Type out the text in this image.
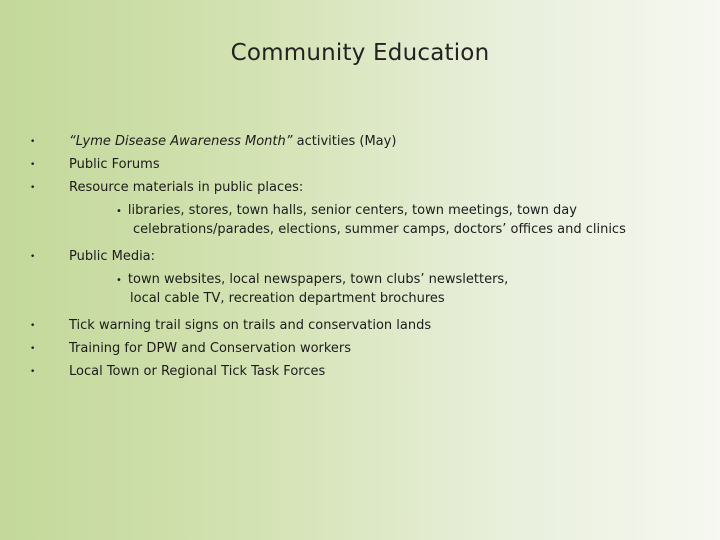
Community Education
•
•
•
•
•
•
•
“Lyme Disease Awareness Month” activities (May)
Public Forums
Resource materials in public places:
• libraries, stores, town halls, senior centers, town meetings, town day
celebrations/parades, elections, summer camps, doctors’ offices and clinics
Public Media:
• town websites, local newspapers, town clubs’ newsletters,
local cable TV, recreation department brochures
Tick warning trail signs on trails and conservation lands
Training for DPW and Conservation workers
Local Town or Regional Tick Task Forces
